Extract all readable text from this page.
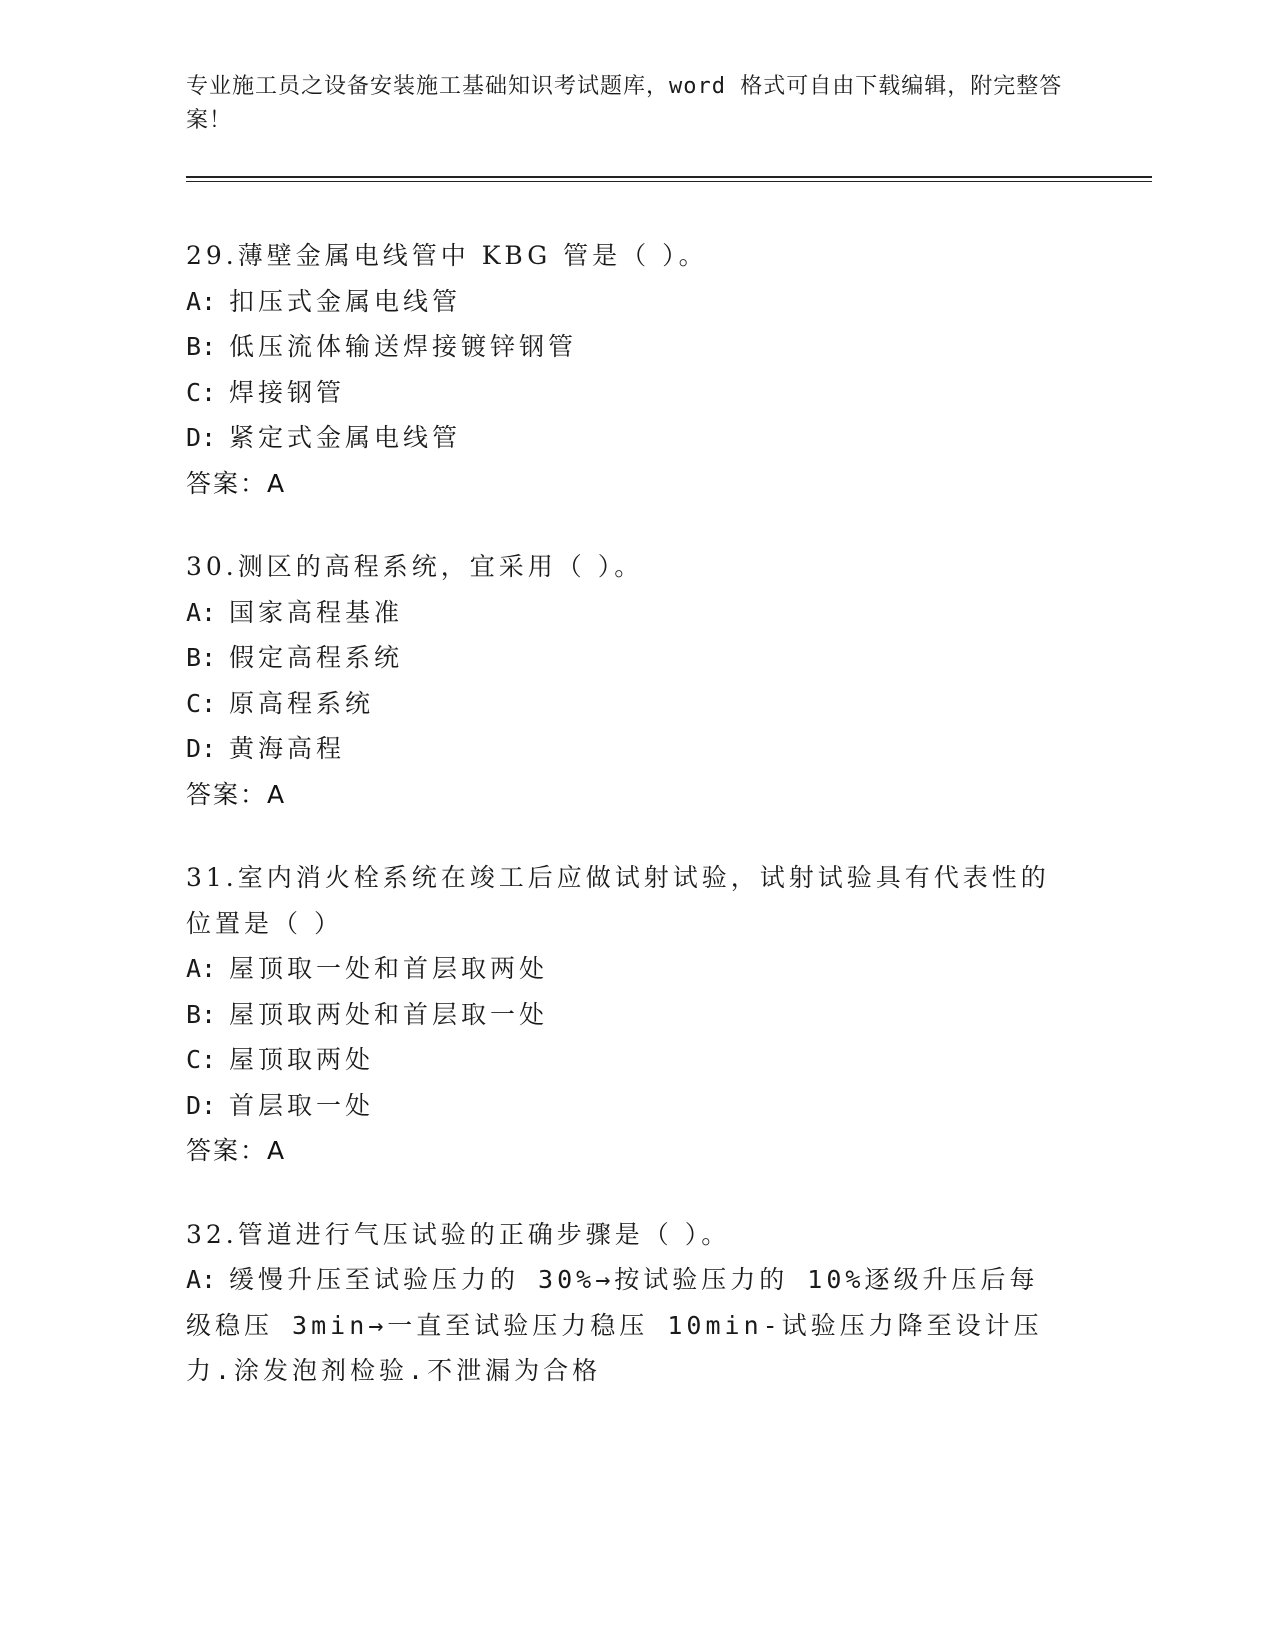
专业施工员之设备安装施工基础知识考试题库，word 格式可自由下载编辑，附完整答案！
29.薄壁金属电线管中 KBG 管是（ ）。
A: 扣压式金属电线管
B: 低压流体输送焊接镀锌钢管
C: 焊接钢管
D: 紧定式金属电线管
答案：A
30.测区的高程系统，宜采用（ ）。
A: 国家高程基准
B: 假定高程系统
C: 原高程系统
D: 黄海高程
答案：A
31.室内消火栓系统在竣工后应做试射试验，试射试验具有代表性的位置是（ ）
A: 屋顶取一处和首层取两处
B: 屋顶取两处和首层取一处
C: 屋顶取两处
D: 首层取一处
答案：A
32.管道进行气压试验的正确步骤是（ ）。
A: 缓慢升压至试验压力的 30%→按试验压力的 10%逐级升压后每级稳压 3min→一直至试验压力稳压 10min-试验压力降至设计压力.涂发泡剂检验.不泄漏为合格
